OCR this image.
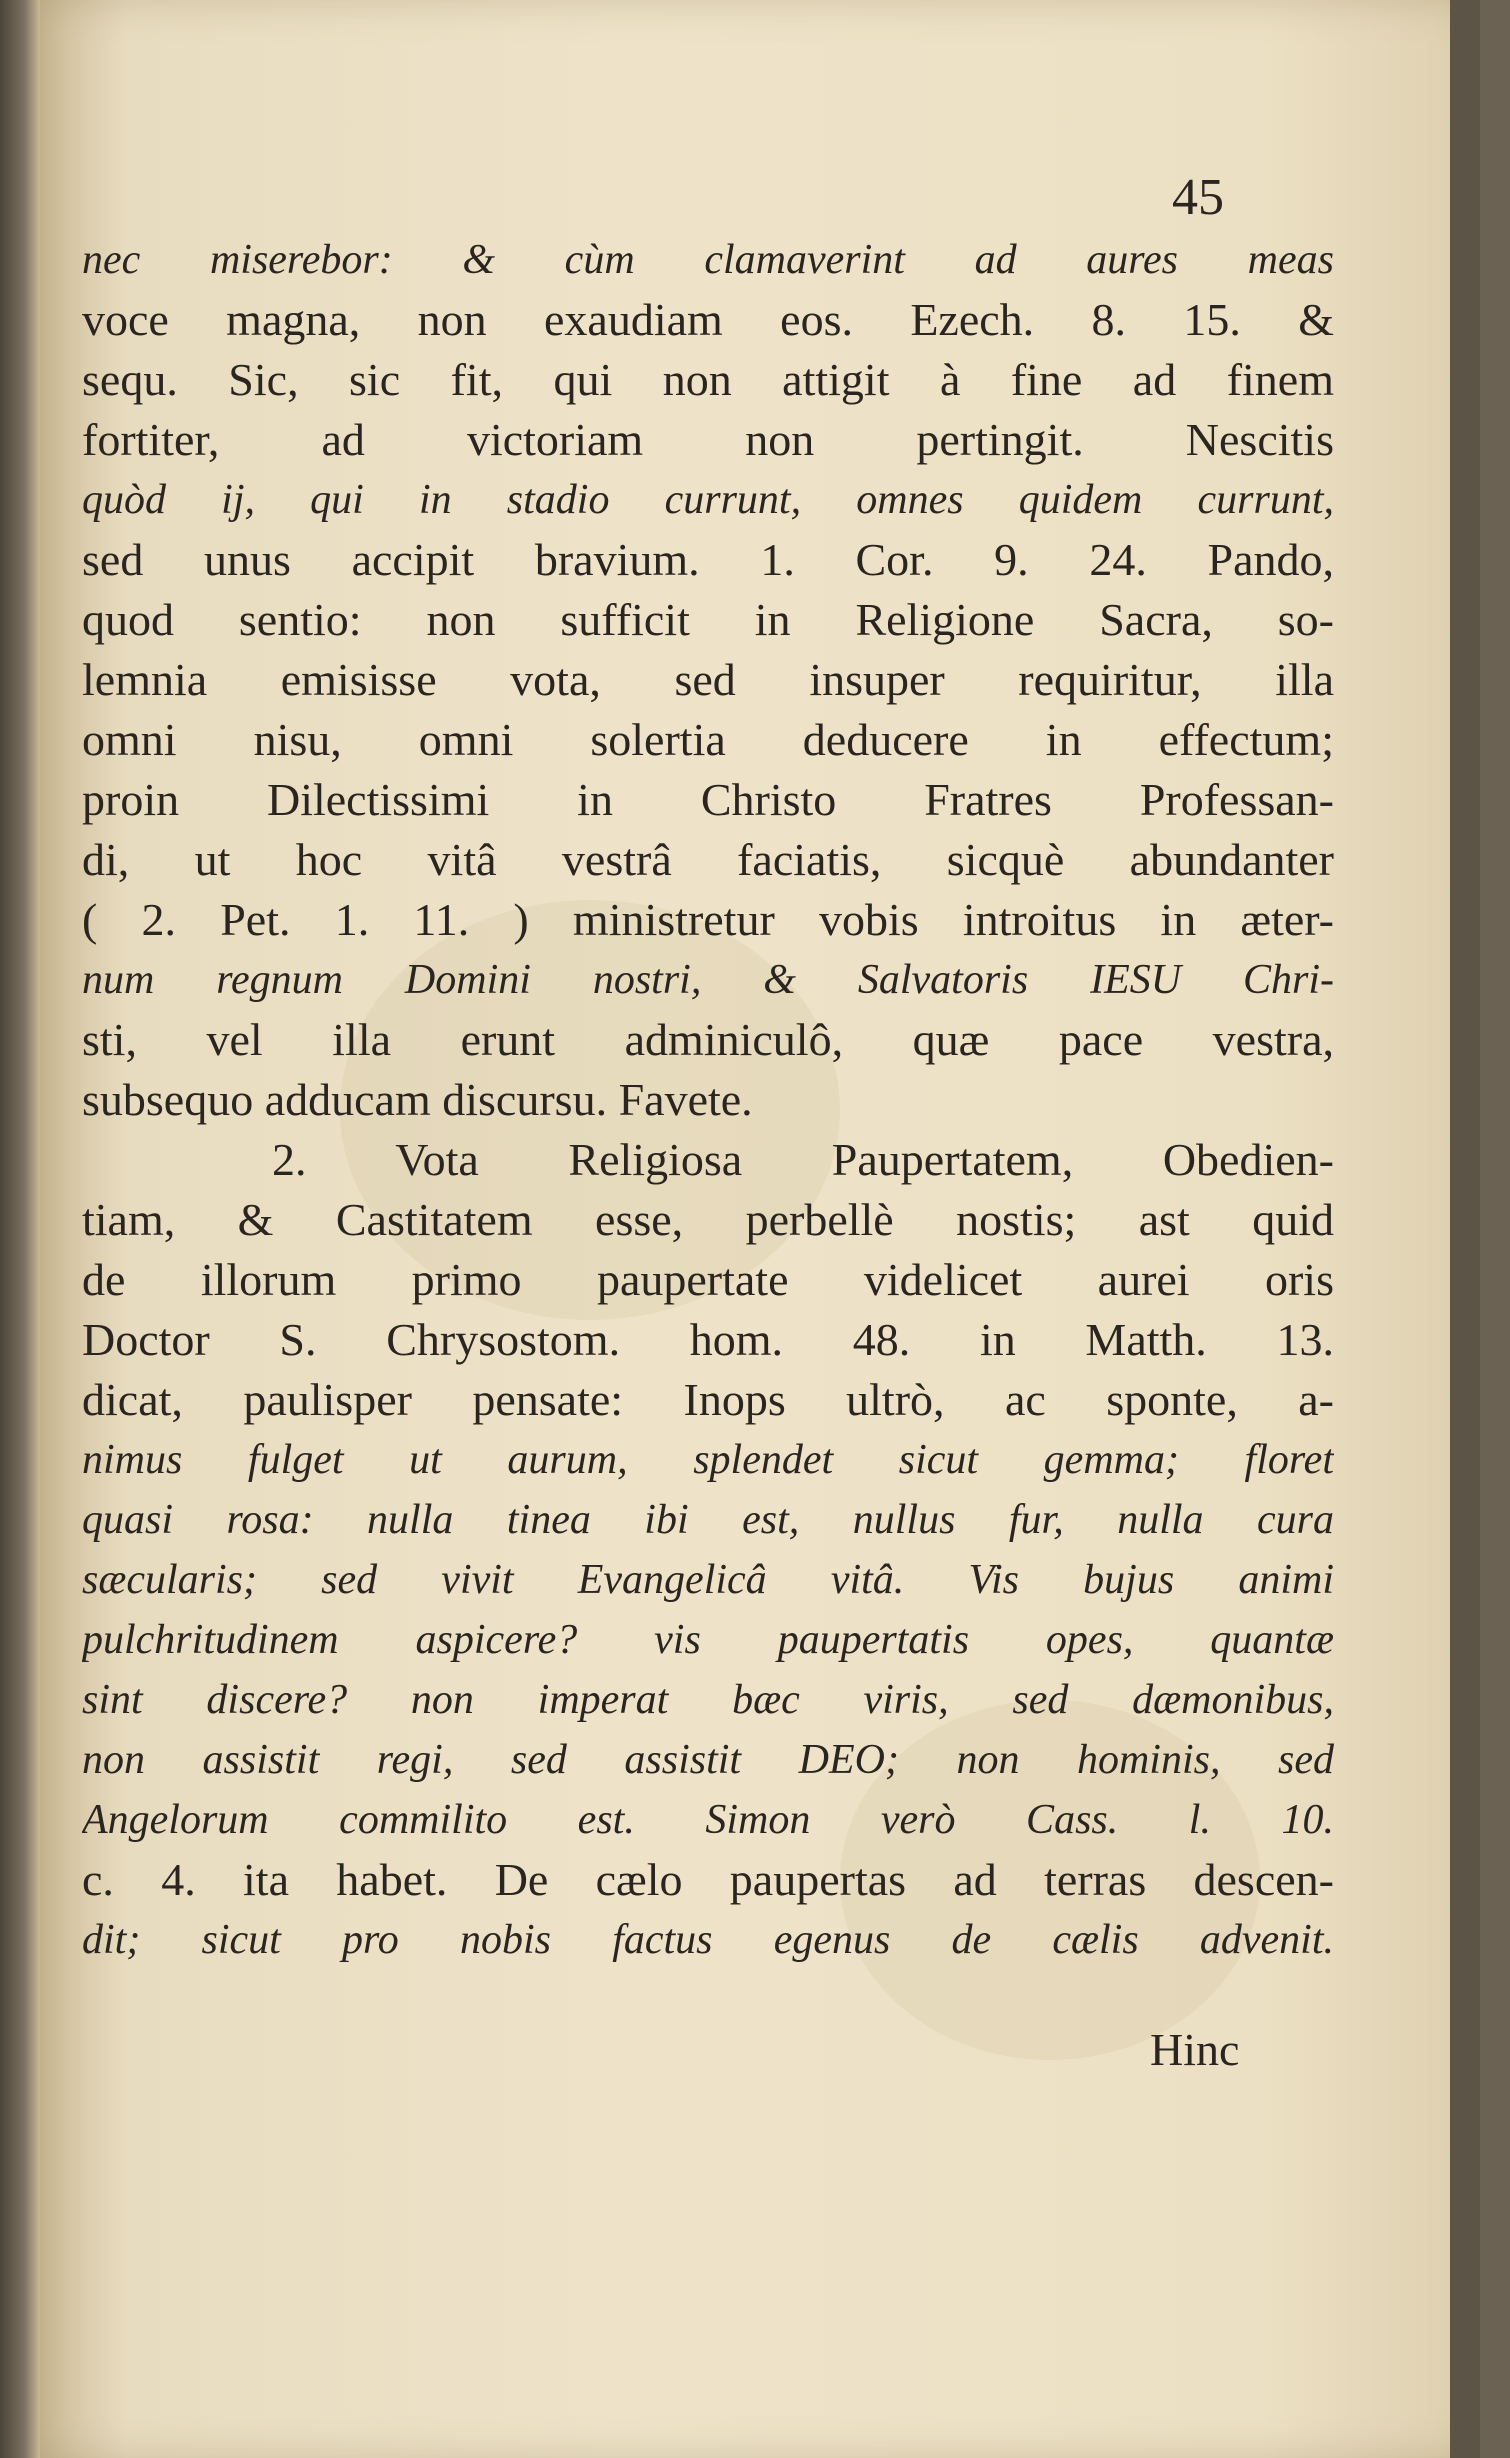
45
nec miserebor: & cùm clamaverint ad aures meas
voce magna, non exaudiam eos. Ezech. 8. 15. &
sequ. Sic, sic fit, qui non attigit à fine ad finem
fortiter, ad victoriam non pertingit. Nescitis
quòd ij, qui in stadio currunt, omnes quidem currunt,
sed unus accipit bravium. 1. Cor. 9. 24. Pando,
quod sentio: non sufficit in Religione Sacra, so-
lemnia emisisse vota, sed insuper requiritur, illa
omni nisu, omni solertia deducere in effectum;
proin Dilectissimi in Christo Fratres Professan-
di, ut hoc vitâ vestrâ faciatis, sicquè abundanter
( 2. Pet. 1. 11. ) ministretur vobis introitus in æter-
num regnum Domini nostri, & Salvatoris IESU Chri-
sti, vel illa erunt adminiculô, quæ pace vestra,
subsequo adducam discursu. Favete.
2. Vota Religiosa Paupertatem, Obedien-
tiam, & Castitatem esse, perbellè nostis; ast quid
de illorum primo paupertate videlicet aurei oris
Doctor S. Chrysostom. hom. 48. in Matth. 13.
dicat, paulisper pensate: Inops ultrò, ac sponte, a-
nimus fulget ut aurum, splendet sicut gemma; floret
quasi rosa: nulla tinea ibi est, nullus fur, nulla cura
sæcularis; sed vivit Evangelicâ vitâ. Vis bujus animi
pulchritudinem aspicere? vis paupertatis opes, quantæ
sint discere? non imperat bæc viris, sed dæmonibus,
non assistit regi, sed assistit DEO; non hominis, sed
Angelorum commilito est. Simon verò Cass. l. 10.
c. 4. ita habet. De cælo paupertas ad terras descen-
dit; sicut pro nobis factus egenus de cælis advenit.
Hinc
